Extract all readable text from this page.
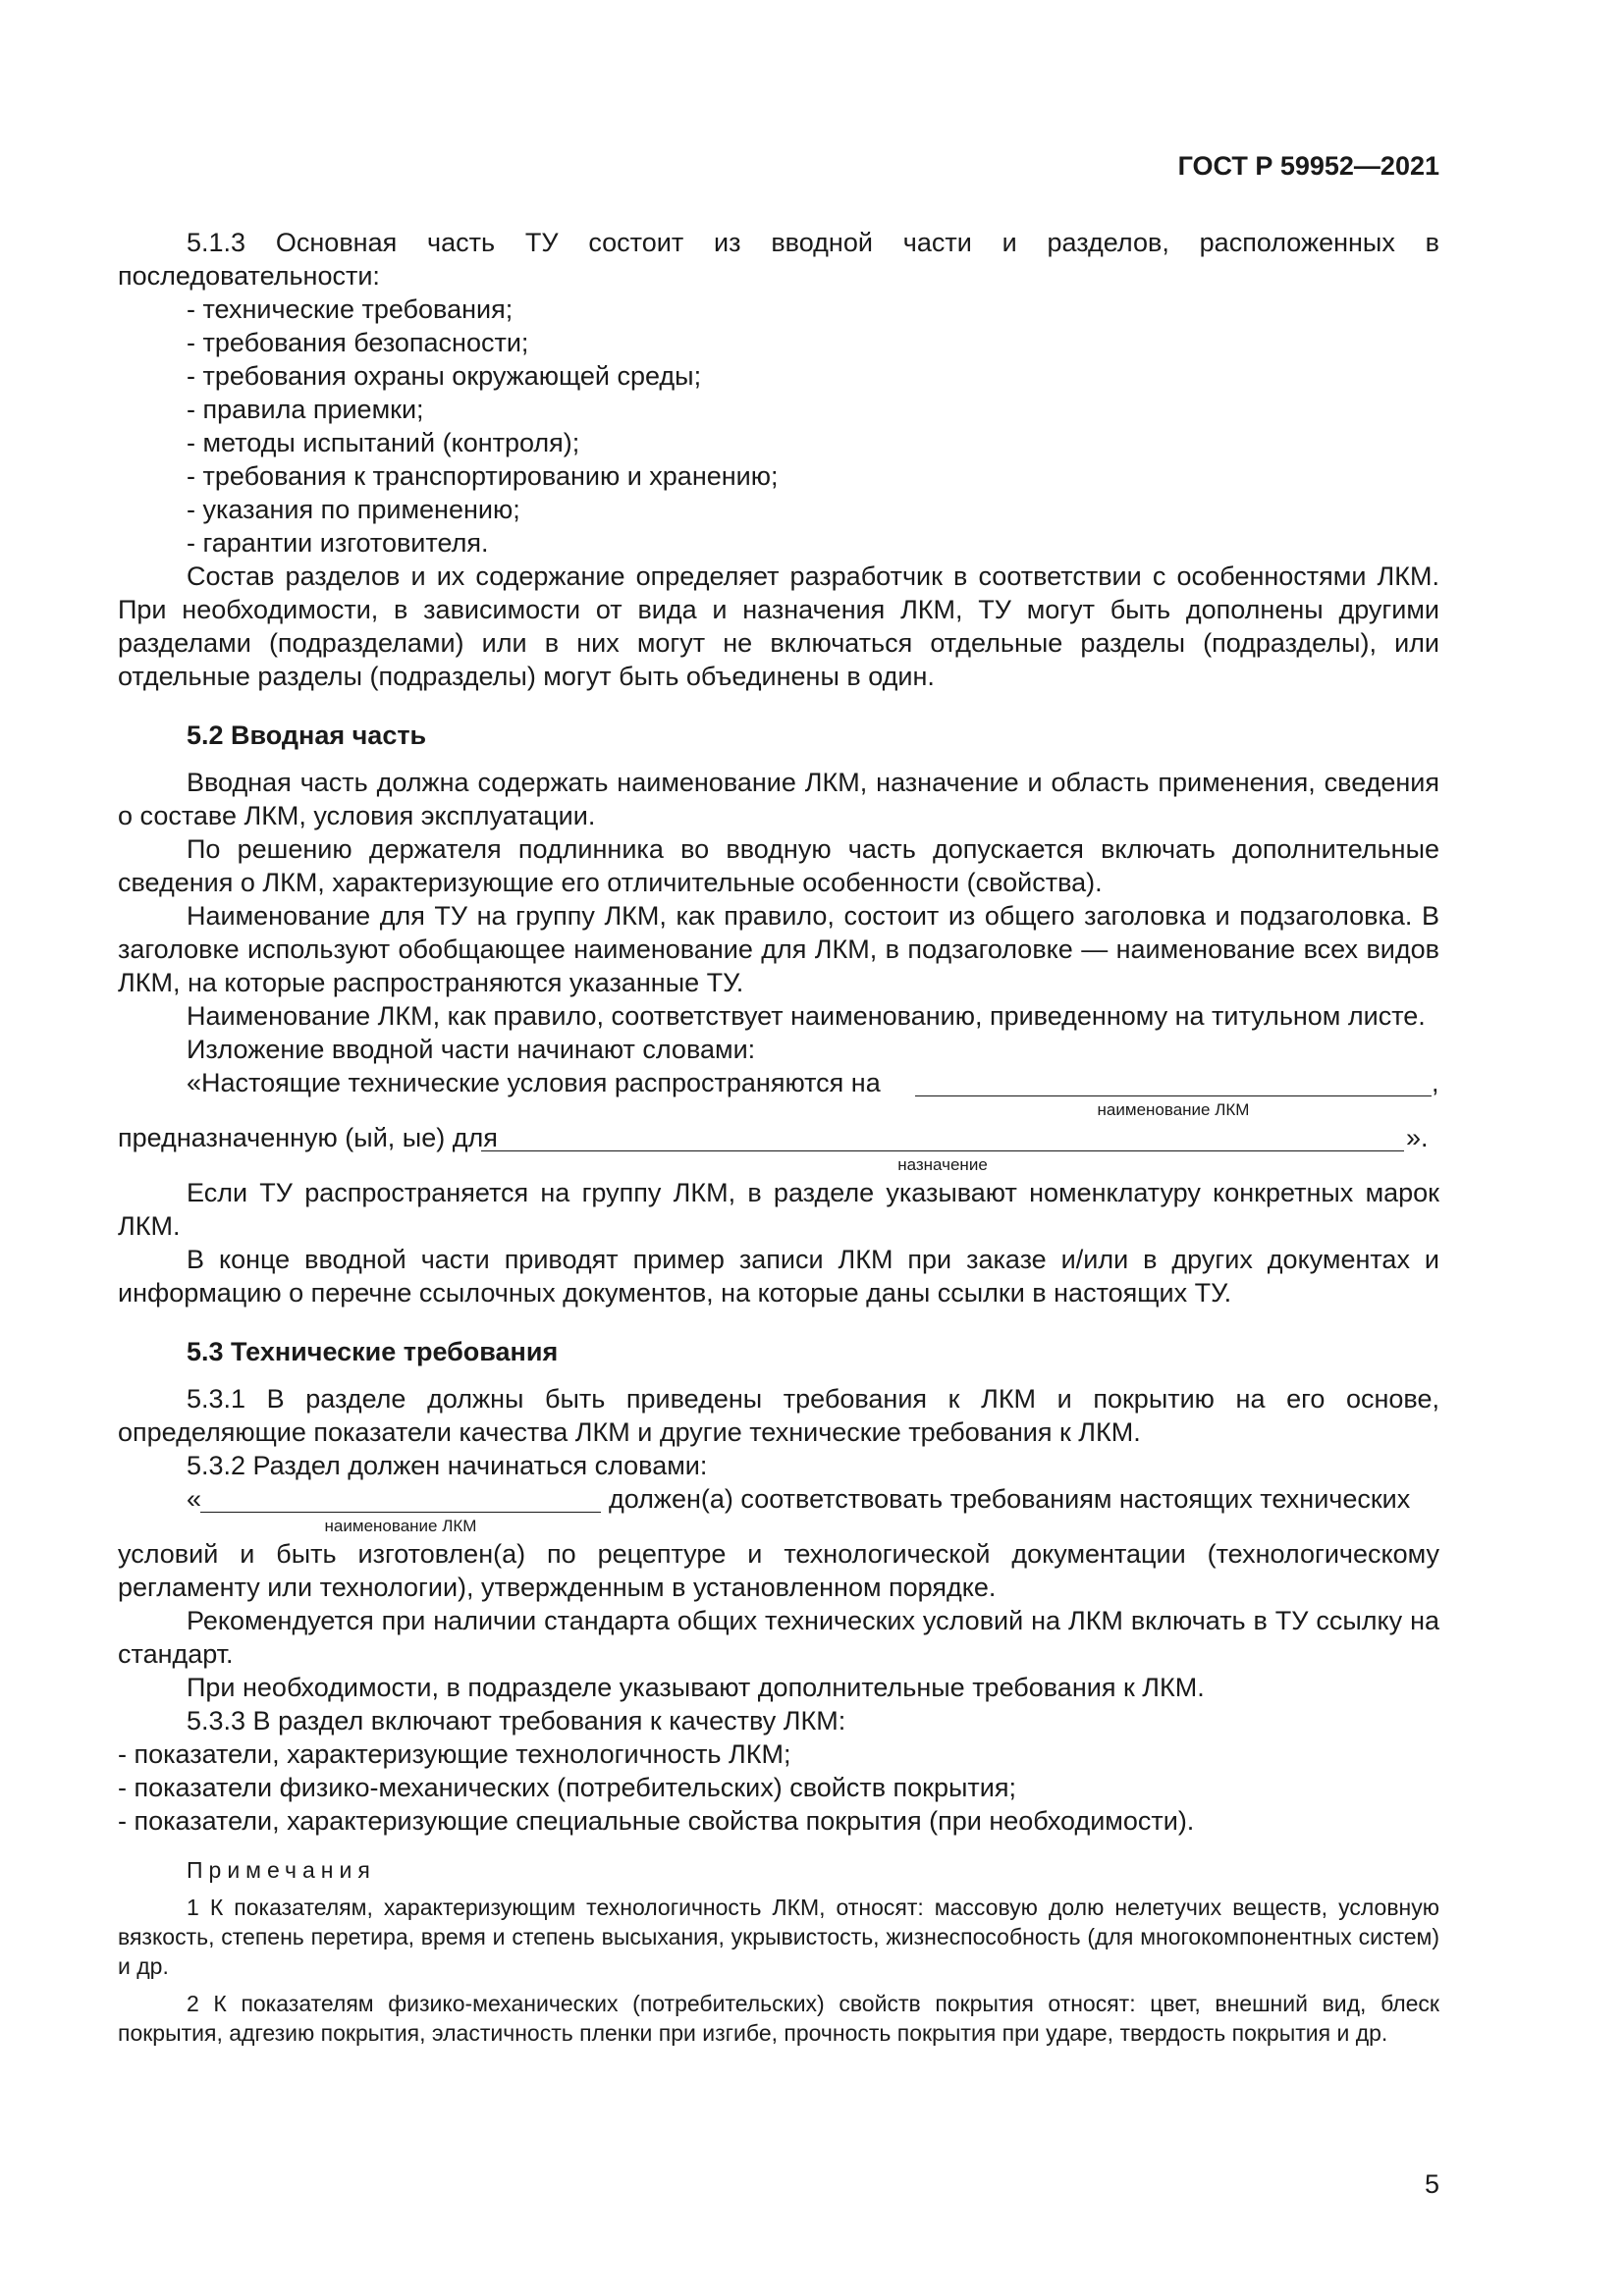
ГОСТ Р 59952—2021

5.1.3 Основная часть ТУ состоит из вводной части и разделов, расположенных в последовательности:

- технические требования;

- требования безопасности;

- требования охраны окружающей среды;

- правила приемки;

- методы испытаний (контроля);

- требования к транспортированию и хранению;

- указания по применению;

- гарантии изготовителя.

Состав разделов и их содержание определяет разработчик в соответствии с особенностями ЛКМ. При необходимости, в зависимости от вида и назначения ЛКМ, ТУ могут быть дополнены другими разделами (подразделами) или в них могут не включаться отдельные разделы (подразделы), или отдельные разделы (подразделы) могут быть объединены в один.

5.2 Вводная часть

Вводная часть должна содержать наименование ЛКМ, назначение и область применения, сведения о составе ЛКМ, условия эксплуатации.

По решению держателя подлинника во вводную часть допускается включать дополнительные сведения о ЛКМ, характеризующие его отличительные особенности (свойства).

Наименование для ТУ на группу ЛКМ, как правило, состоит из общего заголовка и подзаголовка. В заголовке используют обобщающее наименование для ЛКМ, в подзаголовке — наименование всех видов ЛКМ, на которые распространяются указанные ТУ.

Наименование ЛКМ, как правило, соответствует наименованию, приведенному на титульном листе.

Изложение вводной части начинают словами:

«Настоящие технические условия распространяются на	,
наименование ЛКМ
предназначенную (ый, ые) для	».
назначение

Если ТУ распространяется на группу ЛКМ, в разделе указывают номенклатуру конкретных марок ЛКМ.

В конце вводной части приводят пример записи ЛКМ при заказе и/или в других документах и информацию о перечне ссылочных документов, на которые даны ссылки в настоящих ТУ.

5.3 Технические требования

5.3.1 В разделе должны быть приведены требования к ЛКМ и покрытию на его основе, определяющие показатели качества ЛКМ и другие технические требования к ЛКМ.

5.3.2 Раздел должен начинаться словами:

«	должен(а) соответствовать требованиям настоящих технических
наименование ЛКМ

условий и быть изготовлен(а) по рецептуре и технологической документации (технологическому регламенту или технологии), утвержденным в установленном порядке.

Рекомендуется при наличии стандарта общих технических условий на ЛКМ включать в ТУ ссылку на стандарт.

При необходимости, в подразделе указывают дополнительные требования к ЛКМ.

5.3.3 В раздел включают требования к качеству ЛКМ:

- показатели, характеризующие технологичность ЛКМ;

- показатели физико-механических (потребительских) свойств покрытия;

- показатели, характеризующие специальные свойства покрытия (при необходимости).

Примечания

1 К показателям, характеризующим технологичность ЛКМ, относят: массовую долю нелетучих веществ, условную вязкость, степень перетира, время и степень высыхания, укрывистость, жизнеспособность (для многокомпонентных систем) и др.

2 К показателям физико-механических (потребительских) свойств покрытия относят: цвет, внешний вид, блеск покрытия, адгезию покрытия, эластичность пленки при изгибе, прочность покрытия при ударе, твердость покрытия и др.

5
